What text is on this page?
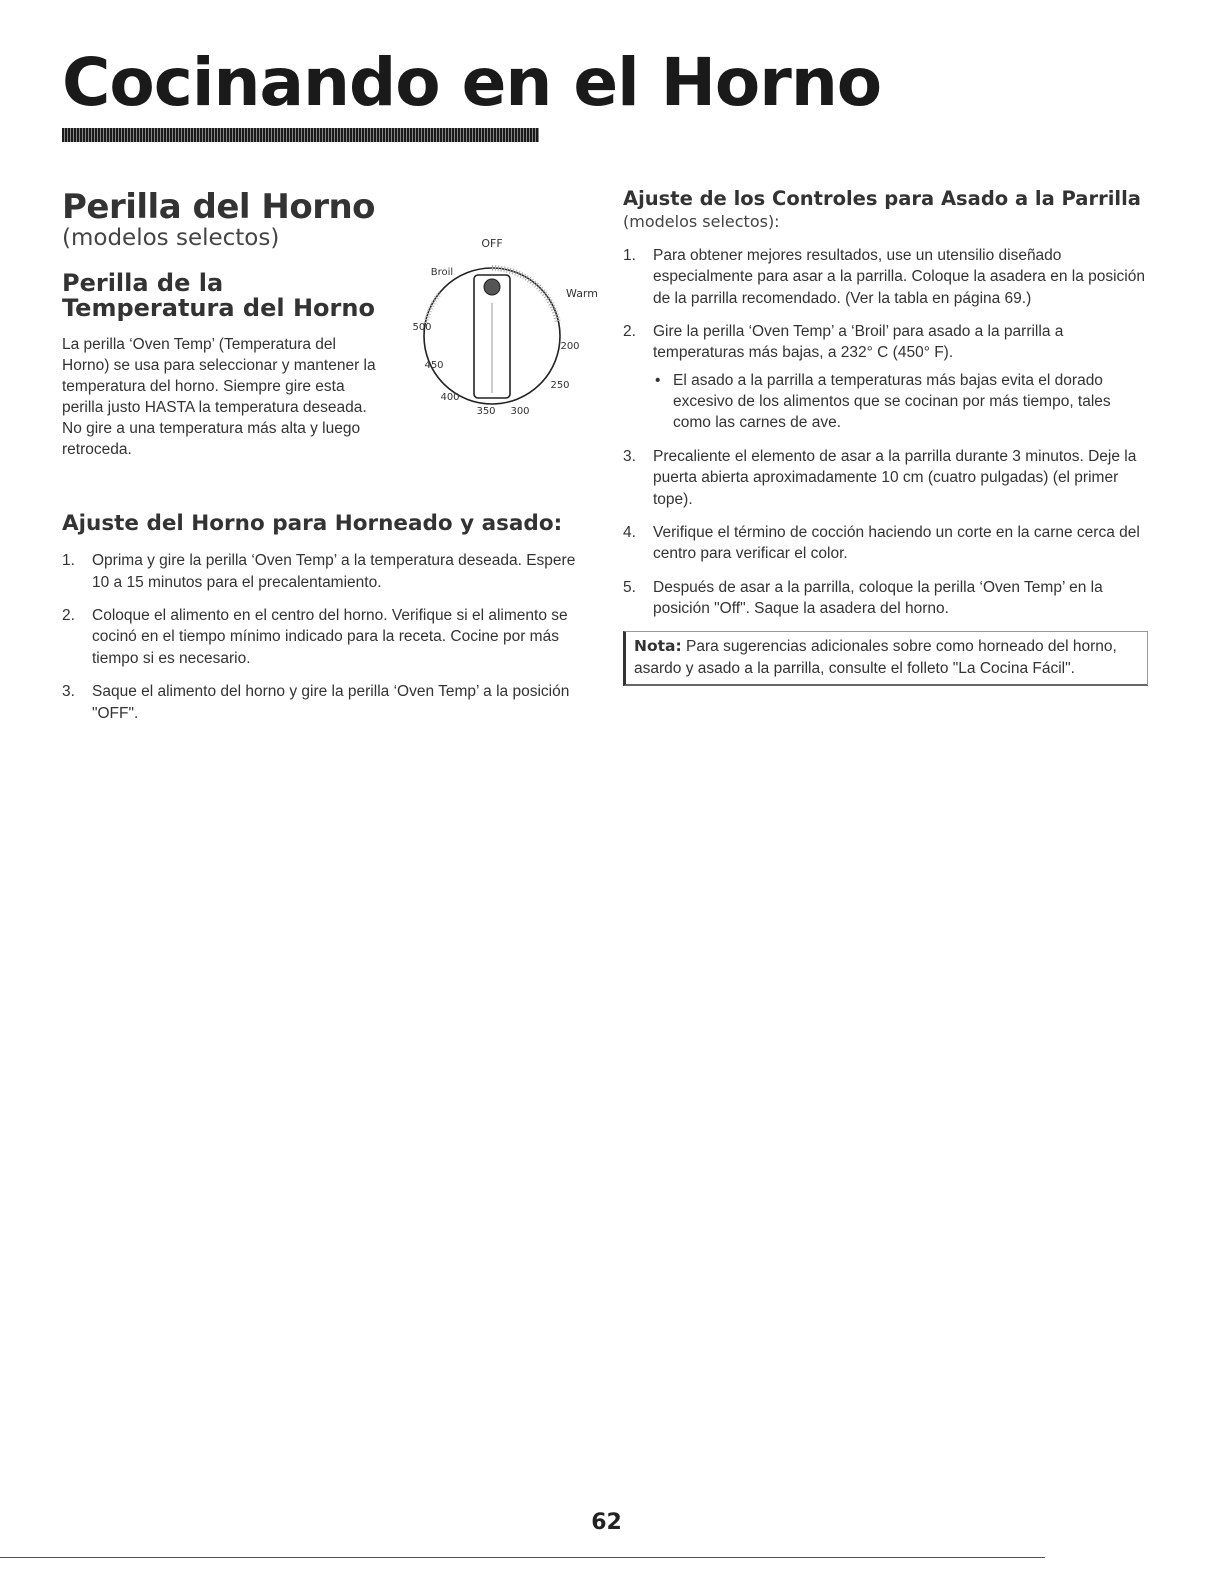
Cocinando en el Horno
Perilla del Horno
(modelos selectos)
Perilla de la Temperatura del Horno

La perilla ‘Oven Temp’ (Temperatura del Horno) se usa para seleccionar y mantener la temperatura del horno. Siempre gire esta perilla justo HASTA la temperatura deseada. No gire a una temperatura más alta y luego retroceda.

OFF
Broil
Warm
500
200
450
250
400
350 300
Ajuste del Horno para Horneado y asado:
1. Oprima y gire la perilla ‘Oven Temp’ a la temperatura deseada. Espere 10 a 15 minutos para el precalentamiento.
2. Coloque el alimento en el centro del horno. Verifique si el alimento se cocinó en el tiempo mínimo indicado para la receta. Cocine por más tiempo si es necesario.
3. Saque el alimento del horno y gire la perilla ‘Oven Temp’ a la posición "OFF".
Ajuste de los Controles para Asado a la Parrilla (modelos selectos):
1. Para obtener mejores resultados, use un utensilio diseñado especialmente para asar a la parrilla. Coloque la asadera en la posición de la parrilla recomendado. (Ver la tabla en página 69.)
2. Gire la perilla ‘Oven Temp’ a ‘Broil’ para asado a la parrilla a temperaturas más bajas, a 232° C (450° F).
• El asado a la parrilla a temperaturas más bajas evita el dorado excesivo de los alimentos que se cocinan por más tiempo, tales como las carnes de ave.
3. Precaliente el elemento de asar a la parrilla durante 3 minutos. Deje la puerta abierta aproximadamente 10 cm (cuatro pulgadas) (el primer tope).
4. Verifique el término de cocción haciendo un corte en la carne cerca del centro para verificar el color.
5. Después de asar a la parrilla, coloque la perilla ‘Oven Temp’ en la posición "Off". Saque la asadera del horno.
Nota: Para sugerencias adicionales sobre como horneado del horno, asardo y asado a la parrilla, consulte el folleto "La Cocina Fácil".

62
